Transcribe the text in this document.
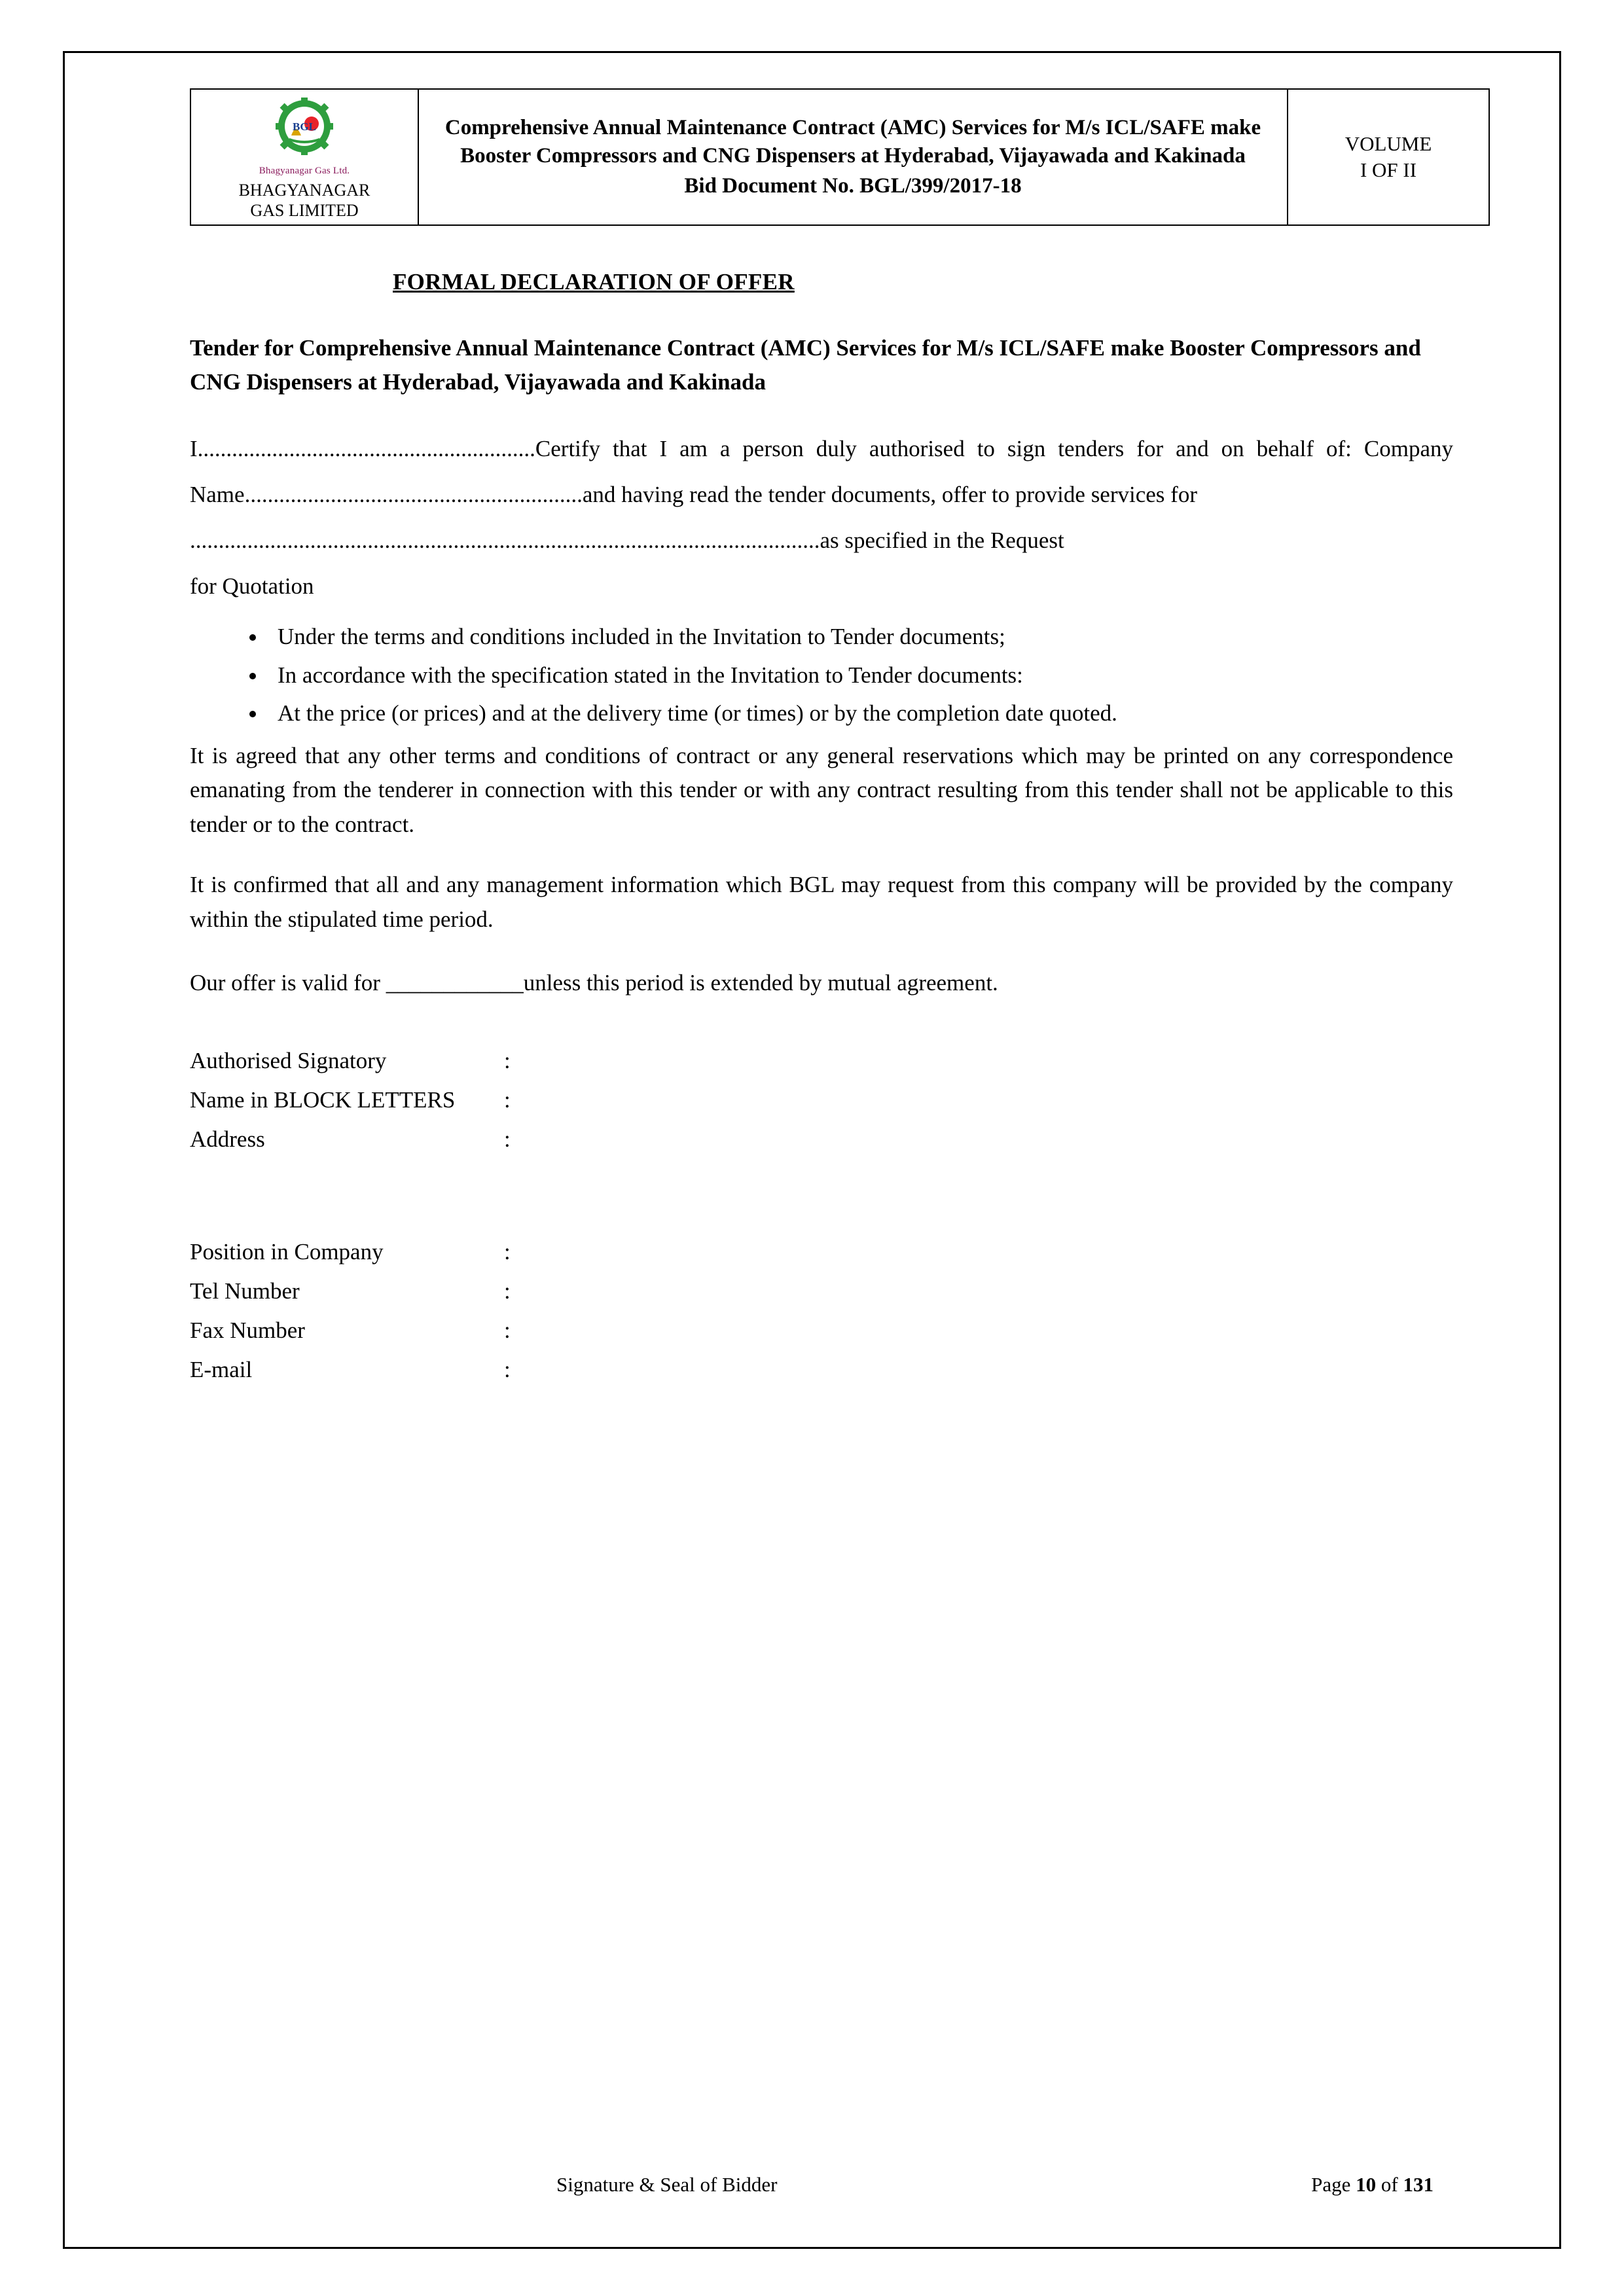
BGL
Bhagyanagar Gas Ltd.
BHAGYANAGAR
GAS LIMITED

Comprehensive Annual Maintenance Contract (AMC) Services for M/s ICL/SAFE make Booster Compressors and CNG Dispensers at Hyderabad, Vijayawada and Kakinada
Bid Document No. BGL/399/2017-18

VOLUME
I OF II
FORMAL DECLARATION OF OFFER
Tender for Comprehensive Annual Maintenance Contract (AMC) Services for M/s ICL/SAFE make Booster Compressors and CNG Dispensers at Hyderabad, Vijayawada and Kakinada
I...........................................................Certify that I am a person duly authorised to sign tenders for and on behalf of: Company Name...........................................................and having read the tender documents, offer to provide services for
..............................................................................................................as specified in the Request
for Quotation
• Under the terms and conditions included in the Invitation to Tender documents;
• In accordance with the specification stated in the Invitation to Tender documents:
• At the price (or prices) and at the delivery time (or times) or by the completion date quoted.
It is agreed that any other terms and conditions of contract or any general reservations which may be printed on any correspondence emanating from the tenderer in connection with this tender or with any contract resulting from this tender shall not be applicable to this tender or to the contract.
It is confirmed that all and any management information which BGL may request from this company will be provided by the company within the stipulated time period.
Our offer is valid for ____________unless this period is extended by mutual agreement.
Authorised Signatory	:
Name in BLOCK LETTERS	:
Address	:
Position in Company	:
Tel Number	:
Fax Number	:
E-mail	:
Signature & Seal of Bidder	Page 10 of 131
